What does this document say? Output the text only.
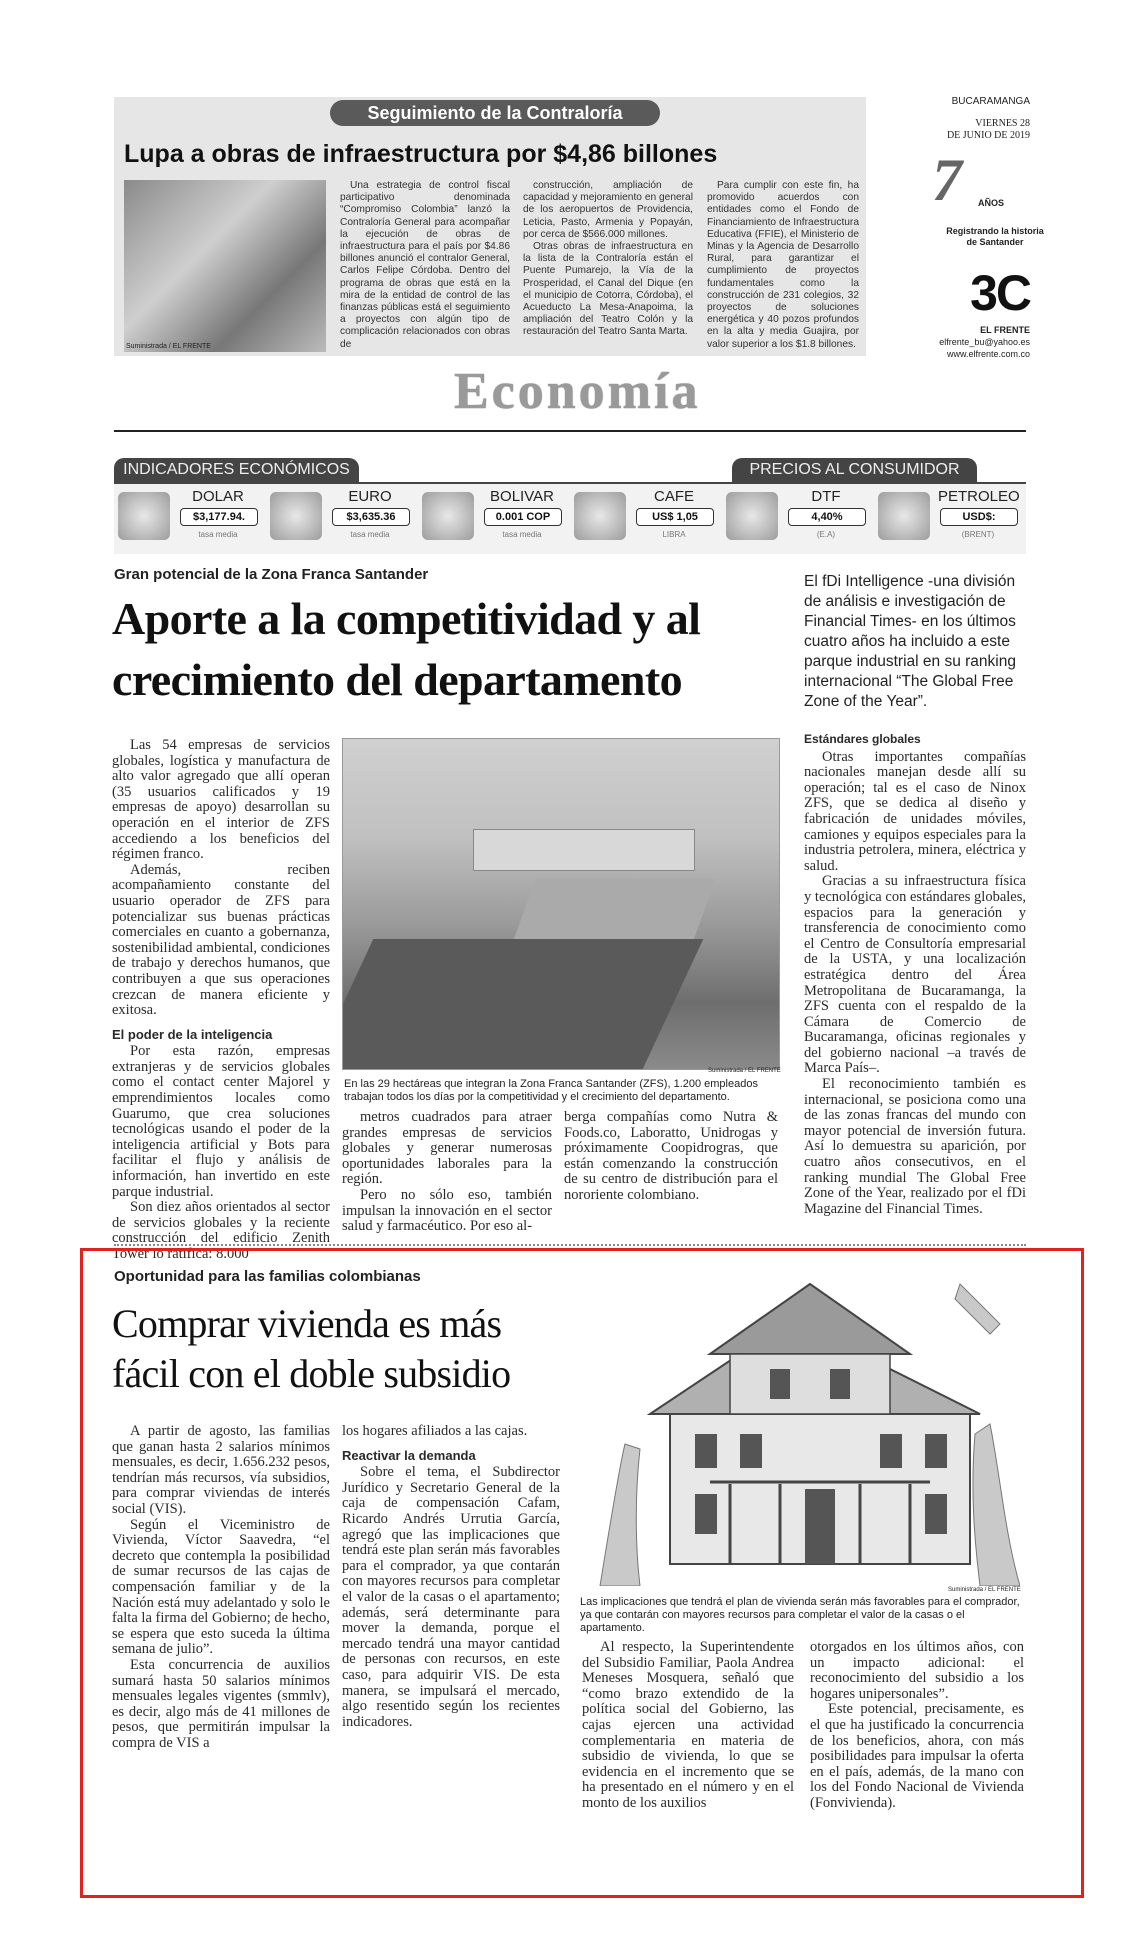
Seguimiento de la Contraloría
Lupa a obras de infraestructura por $4,86 billones
Suministrada / EL FRENTE

Una estrategia de control fiscal participativo denominada “Compromiso Colombia” lanzó la Contraloría General para acompañar la ejecución de obras de infraestructura para el país por $4.86 billones anunció el contralor General, Carlos Felipe Córdoba. Dentro del programa de obras que está en la mira de la entidad de control de las finanzas públicas está el seguimiento a proyectos con algún tipo de complicación relacionados con obras de

construcción, ampliación de capacidad y mejoramiento en general de los aeropuertos de Providencia, Leticia, Pasto, Armenia y Popayán, por cerca de $566.000 millones.

Otras obras de infraestructura en la lista de la Contraloría están el Puente Pumarejo, la Vía de la Prosperidad, el Canal del Dique (en el municipio de Cotorra, Córdoba), el Acueducto La Mesa-Anapoima, la ampliación del Teatro Colón y la restauración del Teatro Santa Marta.

Para cumplir con este fin, ha promovido acuerdos con entidades como el Fondo de Financiamiento de Infraestructura Educativa (FFIE), el Ministerio de Minas y la Agencia de Desarrollo Rural, para garantizar el cumplimiento de proyectos fundamentales como la construcción de 231 colegios, 32 proyectos de soluciones energética y 40 pozos profundos en la alta y media Guajira, por valor superior a los $1.8 billones.

BUCARAMANGA
VIERNES 28
DE JUNIO DE 2019
7 AÑOS
Registrando la historia
de Santander
3C
EL FRENTE
elfrente_bu@yahoo.es
www.elfrente.com.co
Economía
INDICADORES ECONÓMICOS	PRECIOS AL CONSUMIDOR
DOLAR
$3,177.94.
tasa media
EURO
$3,635.36
tasa media
BOLIVAR
0.001 COP
tasa media
CAFE
US$ 1,05
LIBRA
DTF
4,40%
(E.A)
PETROLEO
USD$:
(BRENT)
Gran potencial de la Zona Franca Santander
Aporte a la competitividad y al
crecimiento del departamento
El fDi Intelligence -una división de análisis e investigación de Financial Times- en los últimos cuatro años ha incluido a este parque industrial en su ranking internacional “The Global Free Zone of the Year”.

Las 54 empresas de servicios globales, logística y manufactura de alto valor agregado que allí operan (35 usuarios calificados y 19 empresas de apoyo) desarrollan su operación en el interior de ZFS accediendo a los beneficios del régimen franco.

Además, reciben acompañamiento constante del usuario operador de ZFS para potencializar sus buenas prácticas comerciales en cuanto a gobernanza, sostenibilidad ambiental, condiciones de trabajo y derechos humanos, que contribuyen a que sus operaciones crezcan de manera eficiente y exitosa.

El poder de la inteligencia

Por esta razón, empresas extranjeras y de servicios globales como el contact center Majorel y emprendimientos locales como Guarumo, que crea soluciones tecnológicas usando el poder de la inteligencia artificial y Bots para facilitar el flujo y análisis de información, han invertido en este parque industrial.

Son diez años orientados al sector de servicios globales y la reciente construcción del edificio Zenith Tower lo ratifica: 8.000

Suministrada / EL FRENTE
En las 29 hectáreas que integran la Zona Franca Santander (ZFS), 1.200 empleados trabajan todos los días por la competitividad y el crecimiento del departamento.

metros cuadrados para atraer grandes empresas de servicios globales y generar numerosas oportunidades laborales para la región.

Pero no sólo eso, también impulsan la innovación en el sector salud y farmacéutico. Por eso al-

berga compañías como Nutra & Foods.co, Laboratto, Unidrogas y próximamente Coopidrogras, que están comenzando la construcción de su centro de distribución para el nororiente colombiano.

Estándares globales

Otras importantes compañías nacionales manejan desde allí su operación; tal es el caso de Ninox ZFS, que se dedica al diseño y fabricación de unidades móviles, camiones y equipos especiales para la industria petrolera, minera, eléctrica y salud.

Gracias a su infraestructura física y tecnológica con estándares globales, espacios para la generación y transferencia de conocimiento como el Centro de Consultoría empresarial de la USTA, y una localización estratégica dentro del Área Metropolitana de Bucaramanga, la ZFS cuenta con el respaldo de la Cámara de Comercio de Bucaramanga, oficinas regionales y del gobierno nacional –a través de Marca País–.

El reconocimiento también es internacional, se posiciona como una de las zonas francas del mundo con mayor potencial de inversión futura. Así lo demuestra su aparición, por cuatro años consecutivos, en el ranking mundial The Global Free Zone of the Year, realizado por el fDi Magazine del Financial Times.

Oportunidad para las familias colombianas
Comprar vivienda es más
fácil con el doble subsidio

A partir de agosto, las familias que ganan hasta 2 salarios mínimos mensuales, es decir, 1.656.232 pesos, tendrían más recursos, vía subsidios, para comprar viviendas de interés social (VIS).

Según el Viceministro de Vivienda, Víctor Saavedra, “el decreto que contempla la posibilidad de sumar recursos de las cajas de compensación familiar y de la Nación está muy adelantado y solo le falta la firma del Gobierno; de hecho, se espera que esto suceda la última semana de julio”.

Esta concurrencia de auxilios sumará hasta 50 salarios mínimos mensuales legales vigentes (smmlv), es decir, algo más de 41 millones de pesos, que permitirán impulsar la compra de VIS a

los hogares afiliados a las cajas.

Reactivar la demanda

Sobre el tema, el Subdirector Jurídico y Secretario General de la caja de compensación Cafam, Ricardo Andrés Urrutia García, agregó que las implicaciones que tendrá este plan serán más favorables para el comprador, ya que contarán con mayores recursos para completar el valor de la casas o el apartamento; además, será determinante para mover la demanda, porque el mercado tendrá una mayor cantidad de personas con recursos, en este caso, para adquirir VIS. De esta manera, se impulsará el mercado, algo resentido según los recientes indicadores.

Suministrada / EL FRENTE
Las implicaciones que tendrá el plan de vivienda serán más favorables para el comprador, ya que contarán con mayores recursos para completar el valor de la casas o el apartamento.

Al respecto, la Superintendente del Subsidio Familiar, Paola Andrea Meneses Mosquera, señaló que “como brazo extendido de la política social del Gobierno, las cajas ejercen una actividad complementaria en materia de subsidio de vivienda, lo que se evidencia en el incremento que se ha presentado en el número y en el monto de los auxilios

otorgados en los últimos años, con un impacto adicional: el reconocimiento del subsidio a los hogares unipersonales”.

Este potencial, precisamente, es el que ha justificado la concurrencia de los beneficios, ahora, con más posibilidades para impulsar la oferta en el país, además, de la mano con los del Fondo Nacional de Vivienda (Fonvivienda).
